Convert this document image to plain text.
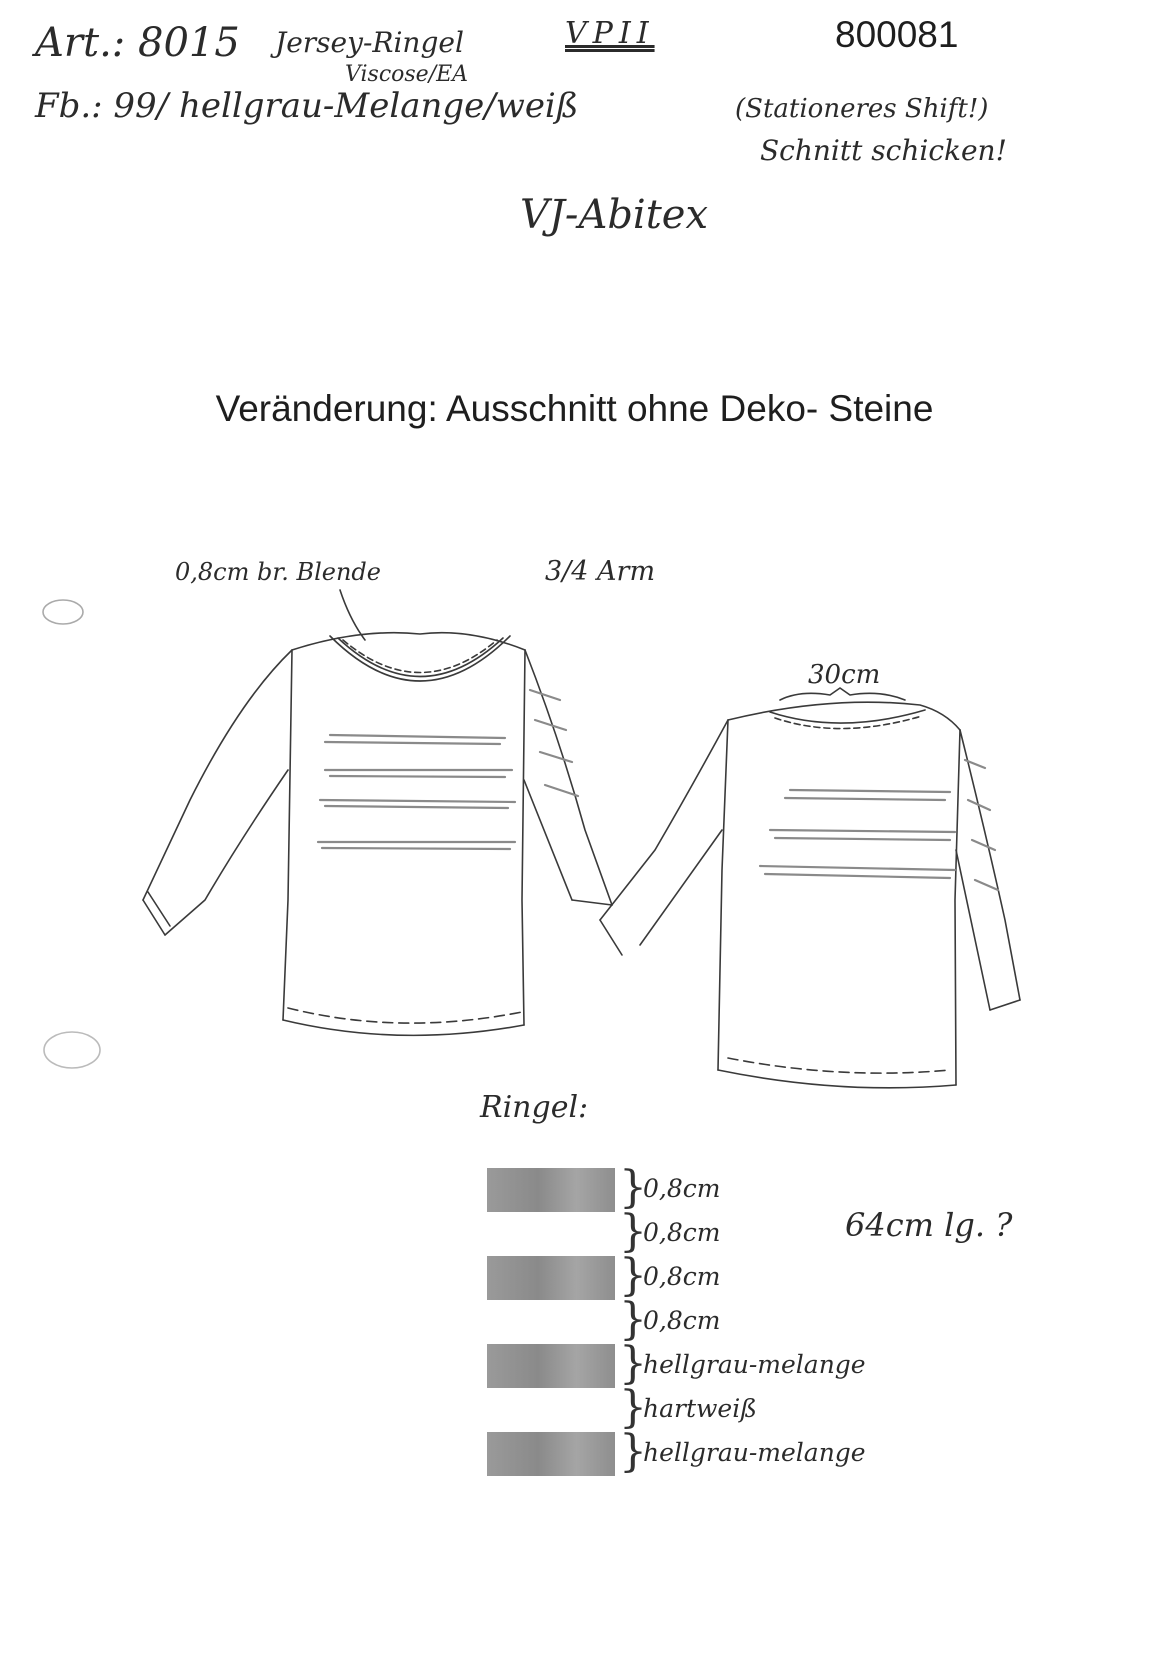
Art.: 8015 Jersey-Ringel
Viscose/EA
VPII	800081
Fb.: 99/ hellgrau-Melange/weiß	(Stationeres Shift!)
Schnitt schicken!
VJ-Abitex
Veränderung: Ausschnitt ohne Deko- Steine
0,8cm br. Blende	3/4 Arm
30cm
64cm lg. ?
Ringel:
}
0,8cm
}
0,8cm
}
0,8cm
}
0,8cm
}
hellgrau-melange
}
hartweiß
}
hellgrau-melange
